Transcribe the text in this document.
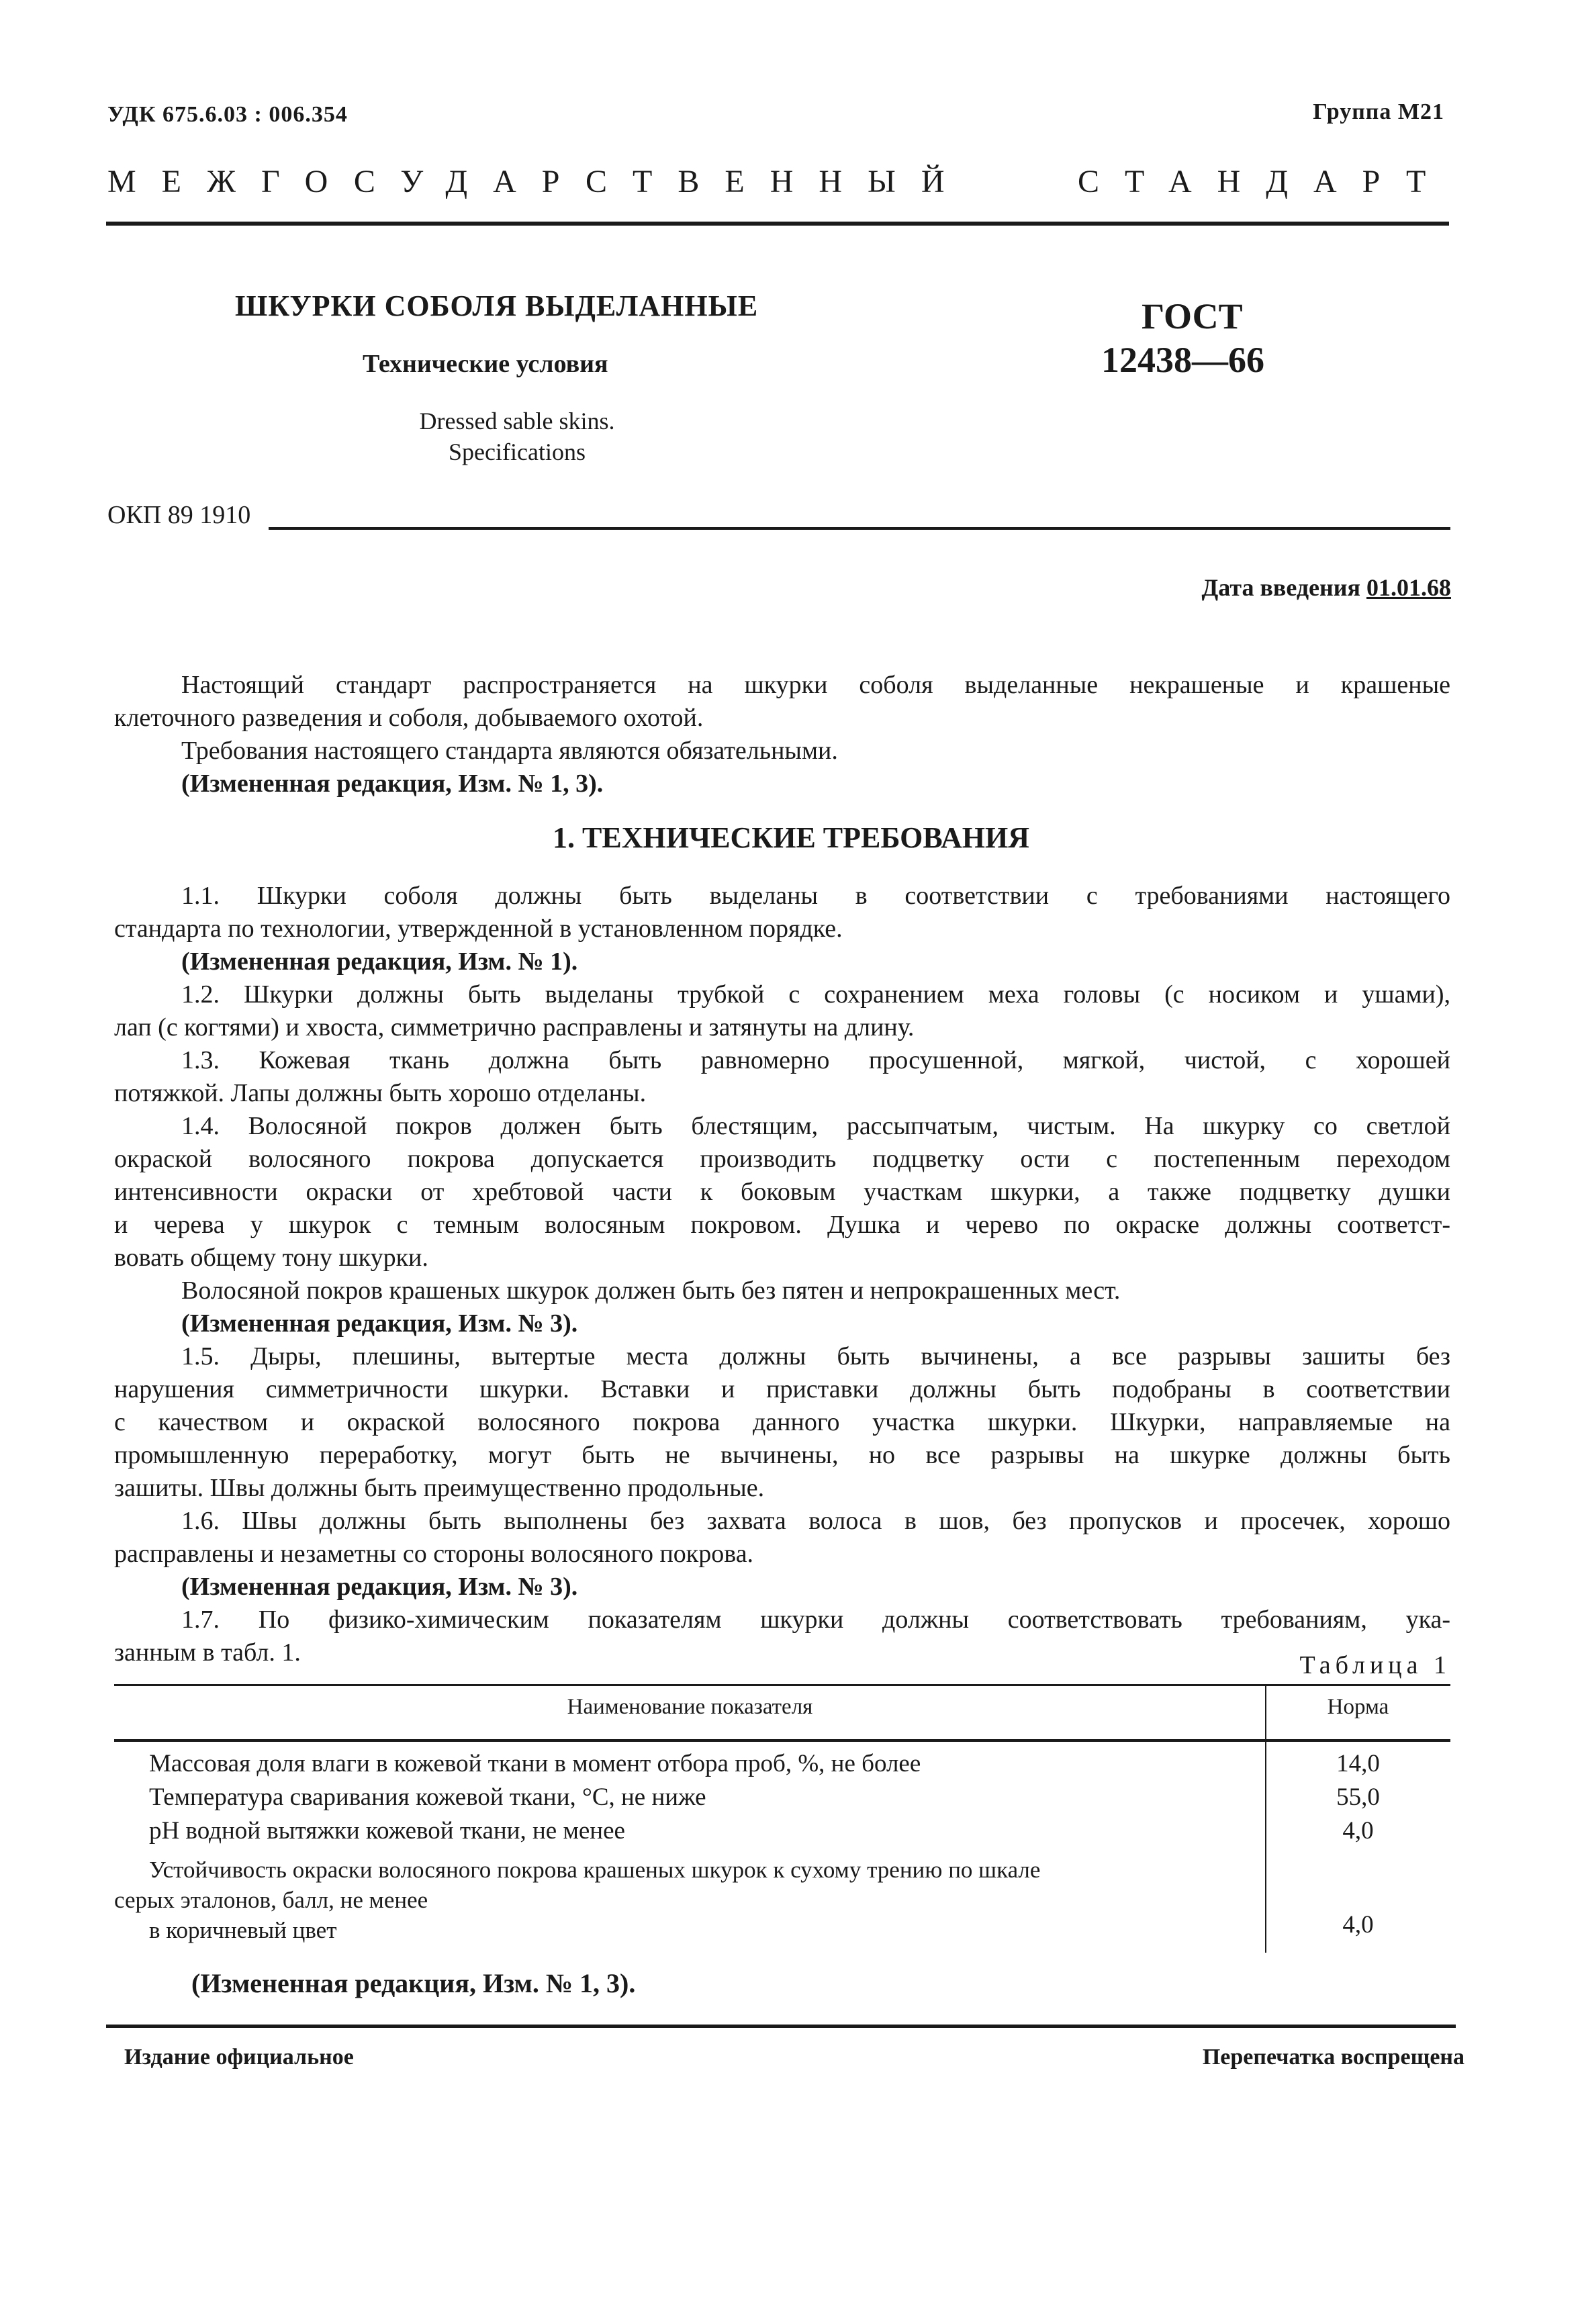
УДК 675.6.03 : 006.354	Группа М21
МЕЖГОСУДАРСТВЕННЫЙ	СТАНДАРТ
ШКУРКИ СОБОЛЯ ВЫДЕЛАННЫЕ
Технические условия
Dressed sable skins.
Specifications
ГОСТ
12438—66
ОКП 89 1910
Дата введения 01.01.68
Настоящий стандарт распространяется на шкурки соболя выделанные некрашеные и крашеные
клеточного разведения и соболя, добываемого охотой.
Требования настоящего стандарта являются обязательными.
(Измененная редакция, Изм. № 1, 3).
1. ТЕХНИЧЕСКИЕ ТРЕБОВАНИЯ
1.1. Шкурки соболя должны быть выделаны в соответствии с требованиями настоящего
стандарта по технологии, утвержденной в установленном порядке.
(Измененная редакция, Изм. № 1).
1.2. Шкурки должны быть выделаны трубкой с сохранением меха головы (с носиком и ушами),
лап (с когтями) и хвоста, симметрично расправлены и затянуты на длину.
1.3. Кожевая ткань должна быть равномерно просушенной, мягкой, чистой, с хорошей
потяжкой. Лапы должны быть хорошо отделаны.
1.4. Волосяной покров должен быть блестящим, рассыпчатым, чистым. На шкурку со светлой
окраской волосяного покрова допускается производить подцветку ости с постепенным переходом
интенсивности окраски от хребтовой части к боковым участкам шкурки, а также подцветку душки
и черева у шкурок с темным волосяным покровом. Душка и черево по окраске должны соответст-
вовать общему тону шкурки.
Волосяной покров крашеных шкурок должен быть без пятен и непрокрашенных мест.
(Измененная редакция, Изм. № 3).
1.5. Дыры, плешины, вытертые места должны быть вычинены, а все разрывы зашиты без
нарушения симметричности шкурки. Вставки и приставки должны быть подобраны в соответствии
с качеством и окраской волосяного покрова данного участка шкурки. Шкурки, направляемые на
промышленную переработку, могут быть не вычинены, но все разрывы на шкурке должны быть
зашиты. Швы должны быть преимущественно продольные.
1.6. Швы должны быть выполнены без захвата волоса в шов, без пропусков и просечек, хорошо
расправлены и незаметны со стороны волосяного покрова.
(Измененная редакция, Изм. № 3).
1.7. По физико-химическим показателям шкурки должны соответствовать требованиям, ука-
занным в табл. 1.	Таблица 1
Наименование показателя	Норма
Массовая доля влаги в кожевой ткани в момент отбора проб, %, не более	14,0
Температура сваривания кожевой ткани, °С, не ниже	55,0
pH водной вытяжки кожевой ткани, не менее	4,0
Устойчивость окраски волосяного покрова крашеных шкурок к сухому трению по шкале
серых эталонов, балл, не менее
в коричневый цвет	4,0
(Измененная редакция, Изм. № 1, 3).
Издание официальное	Перепечатка воспрещена
